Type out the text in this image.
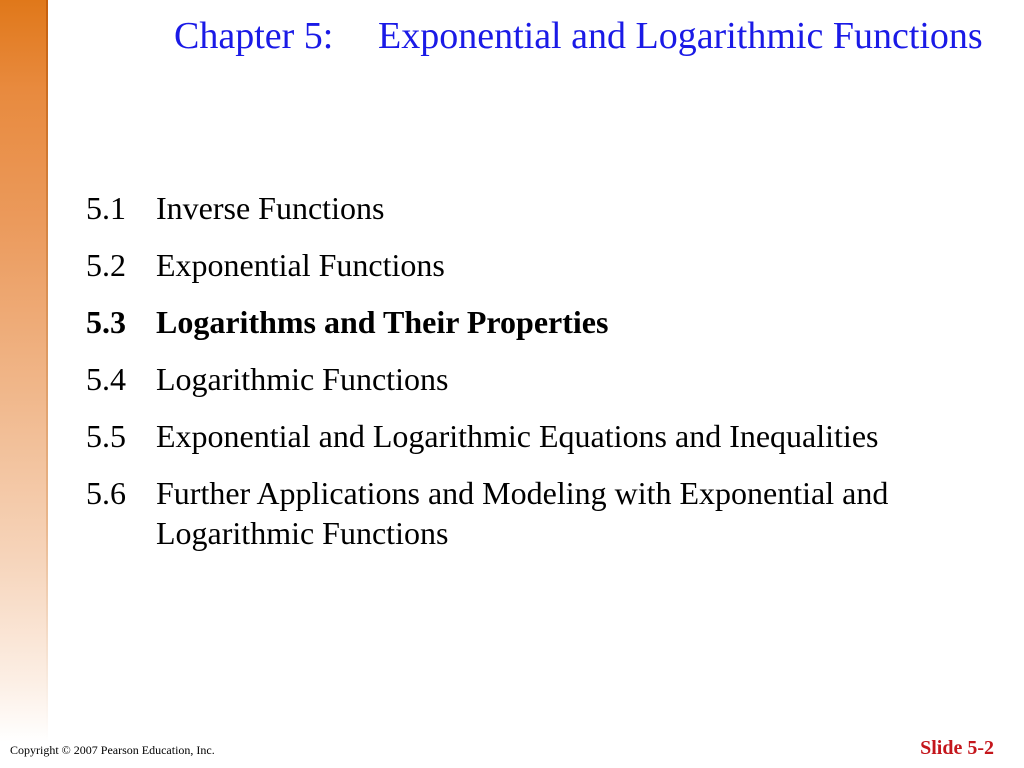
Chapter 5:	Exponential and Logarithmic Functions
5.1 Inverse Functions
5.2 Exponential Functions
5.3 Logarithms and Their Properties
5.4 Logarithmic Functions
5.5 Exponential and Logarithmic Equations and Inequalities
5.6 Further Applications and Modeling with Exponential and Logarithmic Functions
Copyright © 2007 Pearson Education, Inc.	Slide 5-2
